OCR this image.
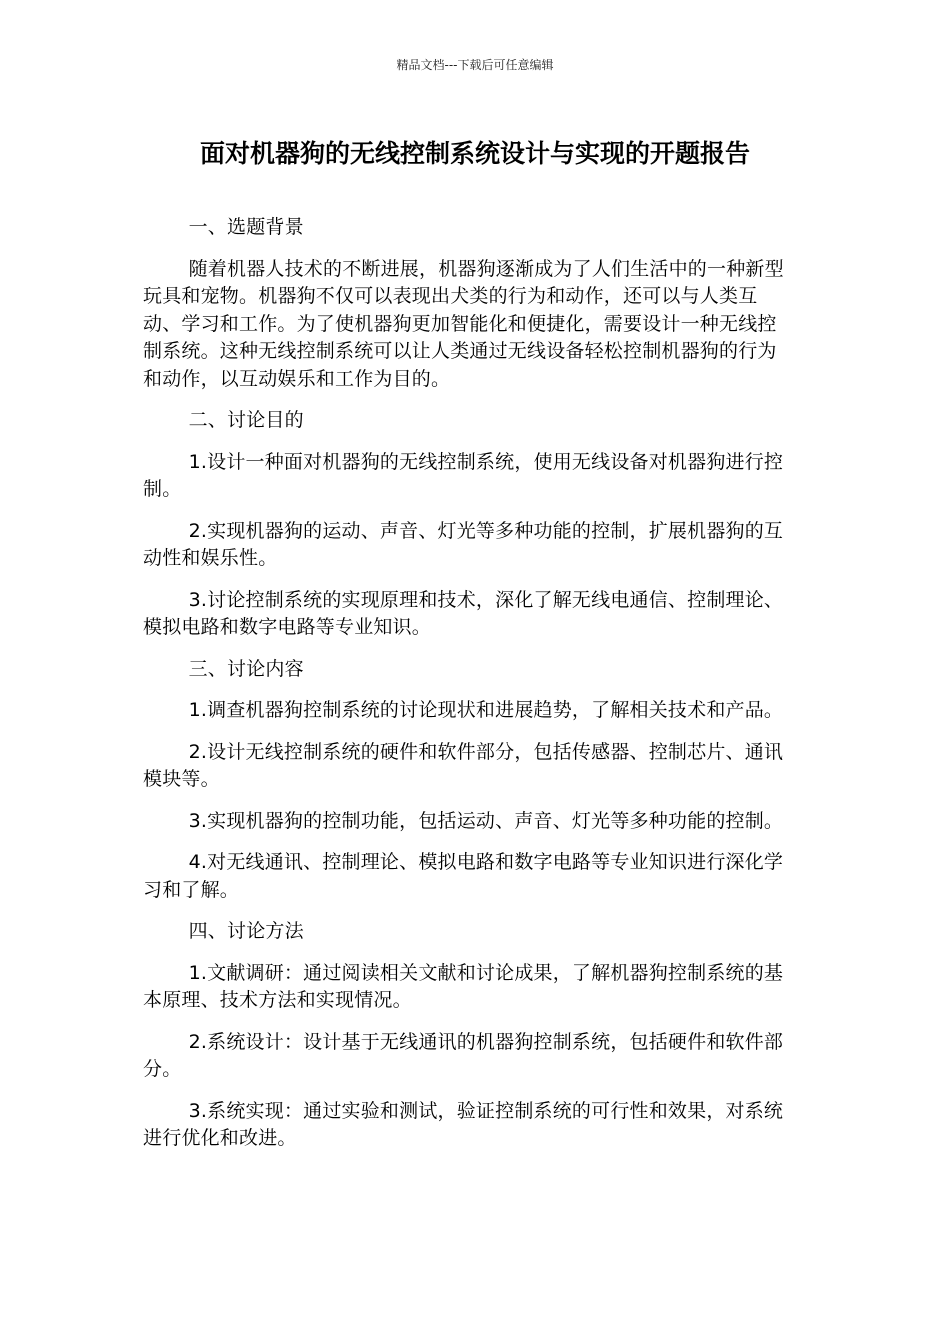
精品文档---下载后可任意编辑
面对机器狗的无线控制系统设计与实现的开题报告

一、选题背景

随着机器人技术的不断进展，机器狗逐渐成为了人们生活中的一种新型玩具和宠物。机器狗不仅可以表现出犬类的行为和动作，还可以与人类互动、学习和工作。为了使机器狗更加智能化和便捷化，需要设计一种无线控制系统。这种无线控制系统可以让人类通过无线设备轻松控制机器狗的行为和动作，以互动娱乐和工作为目的。

二、讨论目的

1.设计一种面对机器狗的无线控制系统，使用无线设备对机器狗进行控制。

2.实现机器狗的运动、声音、灯光等多种功能的控制，扩展机器狗的互动性和娱乐性。

3.讨论控制系统的实现原理和技术，深化了解无线电通信、控制理论、模拟电路和数字电路等专业知识。

三、讨论内容

1.调查机器狗控制系统的讨论现状和进展趋势，了解相关技术和产品。

2.设计无线控制系统的硬件和软件部分，包括传感器、控制芯片、通讯模块等。

3.实现机器狗的控制功能，包括运动、声音、灯光等多种功能的控制。

4.对无线通讯、控制理论、模拟电路和数字电路等专业知识进行深化学习和了解。

四、讨论方法

1.文献调研：通过阅读相关文献和讨论成果，了解机器狗控制系统的基本原理、技术方法和实现情况。

2.系统设计：设计基于无线通讯的机器狗控制系统，包括硬件和软件部分。

3.系统实现：通过实验和测试，验证控制系统的可行性和效果，对系统进行优化和改进。
